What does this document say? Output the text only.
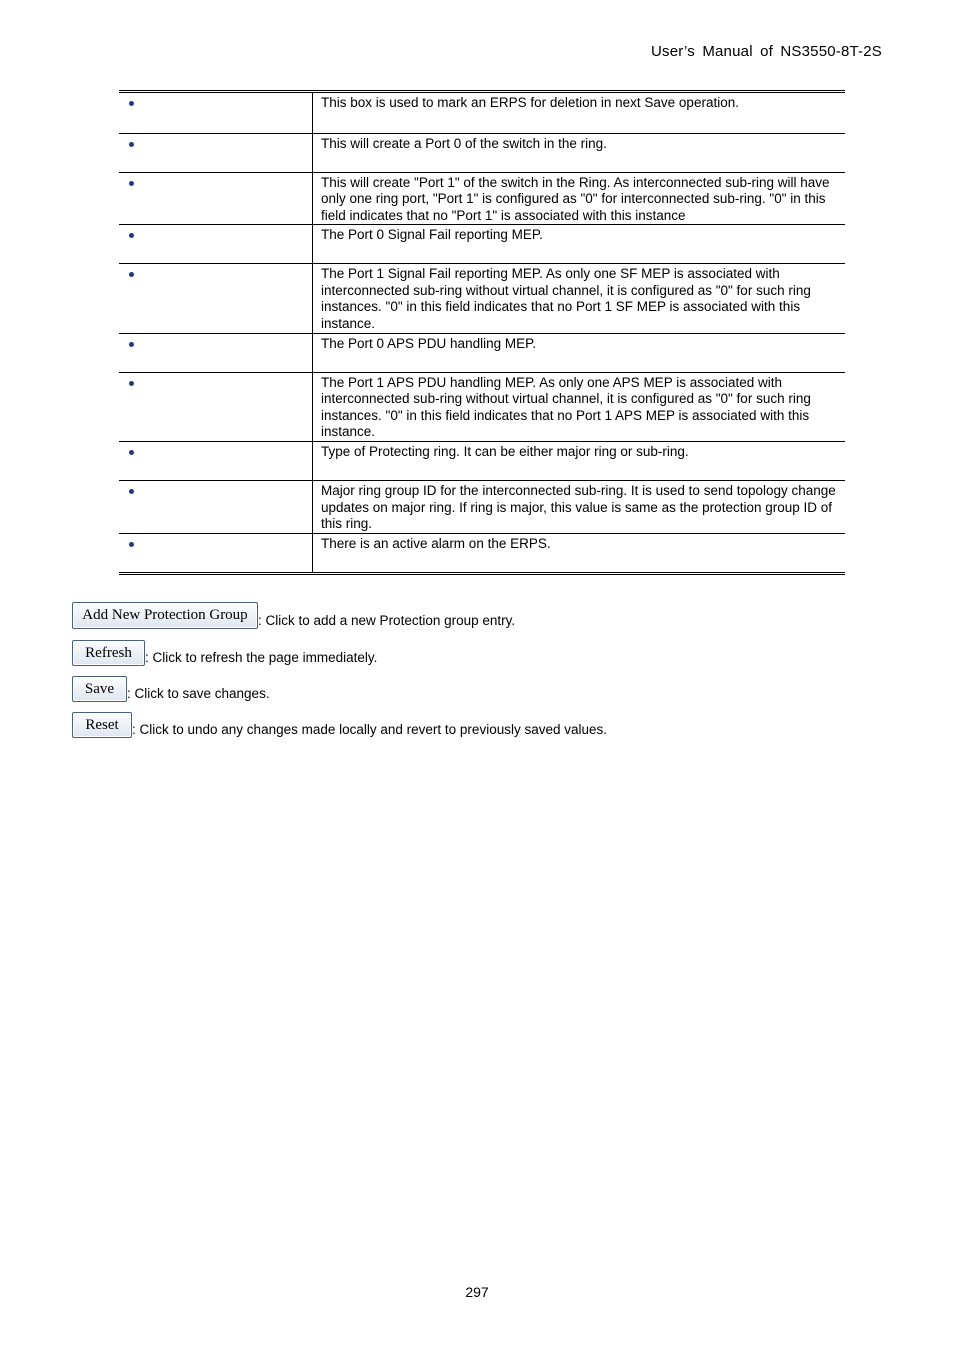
User’s Manual of NS3550-8T-2S
	This box is used to mark an ERPS for deletion in next Save operation.

	This will create a Port 0 of the switch in the ring.

	This will create "Port 1" of the switch in the Ring. As interconnected sub-ring will have only one ring port, "Port 1" is configured as "0" for interconnected sub-ring. "0" in this field indicates that no "Port 1" is associated with this instance

	The Port 0 Signal Fail reporting MEP.

	The Port 1 Signal Fail reporting MEP. As only one SF MEP is associated with interconnected sub-ring without virtual channel, it is configured as "0" for such ring instances. "0" in this field indicates that no Port 1 SF MEP is associated with this instance.

	The Port 0 APS PDU handling MEP.

	The Port 1 APS PDU handling MEP. As only one APS MEP is associated with interconnected sub-ring without virtual channel, it is configured as "0" for such ring instances. "0" in this field indicates that no Port 1 APS MEP is associated with this instance.

	Type of Protecting ring. It can be either major ring or sub-ring.

	Major ring group ID for the interconnected sub-ring. It is used to send topology change updates on major ring. If ring is major, this value is same as the protection group ID of this ring.

	There is an active alarm on the ERPS.
Add New Protection Group : Click to add a new Protection group entry.
Refresh : Click to refresh the page immediately.
Save : Click to save changes.
Reset : Click to undo any changes made locally and revert to previously saved values.
297
